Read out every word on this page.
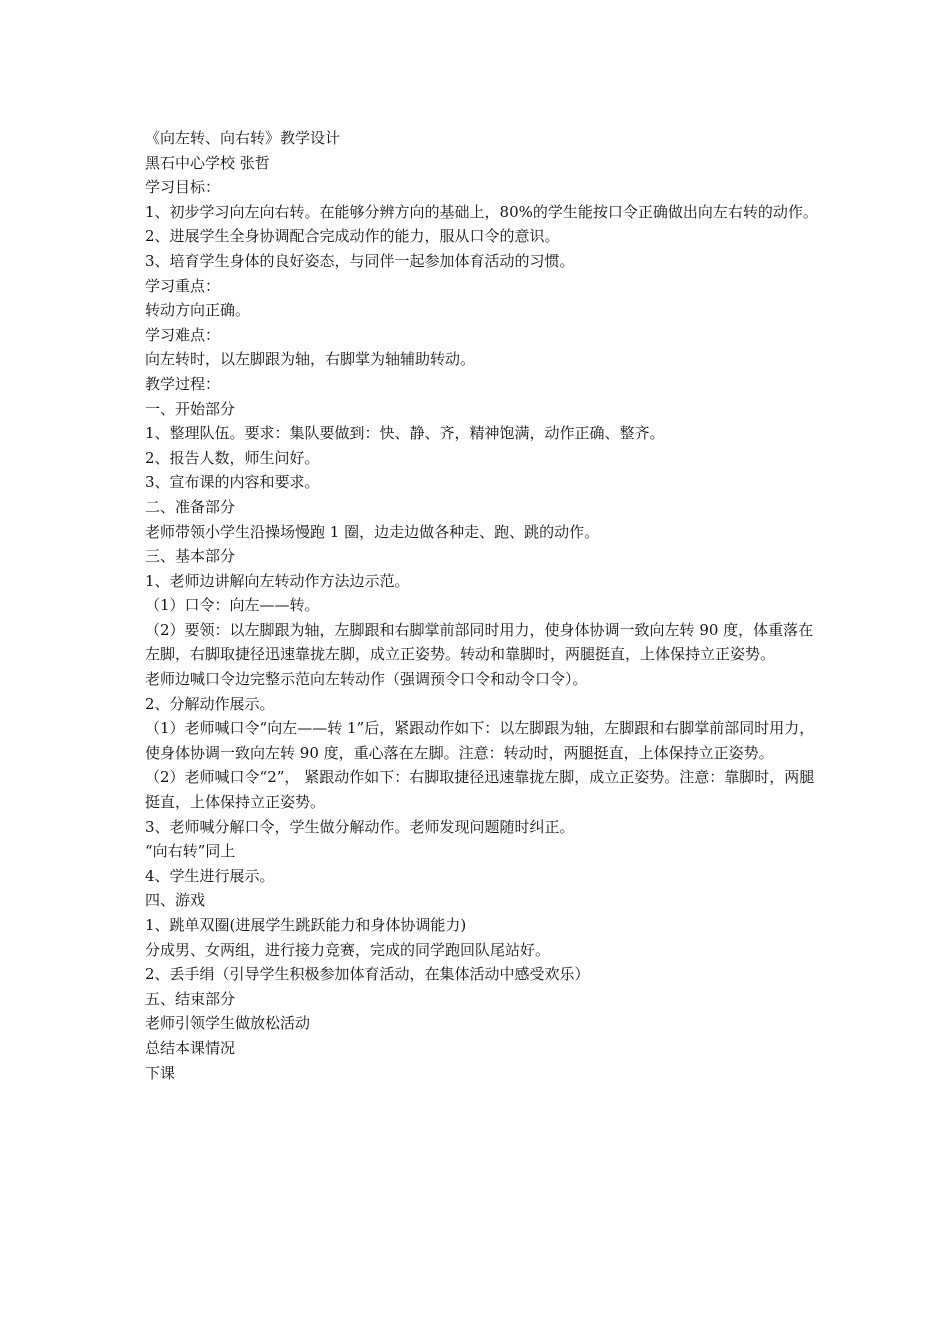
《向左转、向右转》教学设计

黑石中心学校 张哲

学习目标：

1、初步学习向左向右转。在能够分辨方向的基础上，80%的学生能按口令正确做出向左右转的动作。

2、进展学生全身协调配合完成动作的能力，服从口令的意识。

3、培育学生身体的良好姿态，与同伴一起参加体育活动的习惯。

学习重点：

转动方向正确。

学习难点：

向左转时，以左脚跟为轴，右脚掌为轴辅助转动。

教学过程：

一、开始部分

1、整理队伍。要求：集队要做到：快、静、齐，精神饱满，动作正确、整齐。

2、报告人数，师生问好。

3、宣布课的内容和要求。

二、准备部分

老师带领小学生沿操场慢跑 1 圈，边走边做各种走、跑、跳的动作。

三、基本部分

1、老师边讲解向左转动作方法边示范。

（1）口令：向左——转。

（2）要领：以左脚跟为轴，左脚跟和右脚掌前部同时用力，使身体协调一致向左转 90 度，体重落在左脚，右脚取捷径迅速靠拢左脚，成立正姿势。转动和靠脚时，两腿挺直，上体保持立正姿势。

老师边喊口令边完整示范向左转动作（强调预令口令和动令口令）。

2、分解动作展示。

（1）老师喊口令“向左——转 1”后，紧跟动作如下：以左脚跟为轴，左脚跟和右脚掌前部同时用力，使身体协调一致向左转 90 度，重心落在左脚。注意：转动时，两腿挺直，上体保持立正姿势。

（2）老师喊口令“2”， 紧跟动作如下：右脚取捷径迅速靠拢左脚，成立正姿势。注意：靠脚时，两腿挺直，上体保持立正姿势。

3、老师喊分解口令，学生做分解动作。老师发现问题随时纠正。

“向右转”同上

4、学生进行展示。

四、游戏

1、跳单双圈(进展学生跳跃能力和身体协调能力)

分成男、女两组，进行接力竞赛，完成的同学跑回队尾站好。

2、丢手绢（引导学生积极参加体育活动，在集体活动中感受欢乐）

五、结束部分

老师引领学生做放松活动

总结本课情况

下课
